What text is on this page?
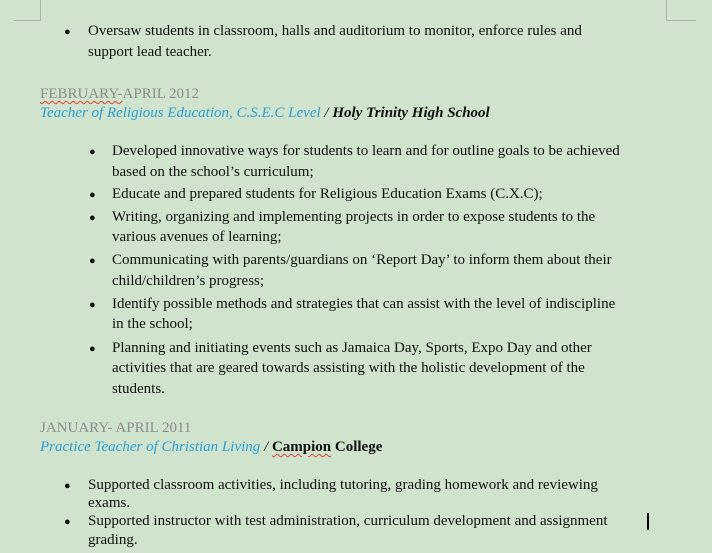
● Oversaw students in classroom, halls and auditorium to monitor, enforce rules and
support lead teacher.
FEBRUARY-APRIL 2012
Teacher of Religious Education, C.S.E.C Level / Holy Trinity High School
● Developed innovative ways for students to learn and for outline goals to be achieved
based on the school’s curriculum;
● Educate and prepared students for Religious Education Exams (C.X.C);
● Writing, organizing and implementing projects in order to expose students to the
various avenues of learning;
● Communicating with parents/guardians on ‘Report Day’ to inform them about their
child/children’s progress;
● Identify possible methods and strategies that can assist with the level of indiscipline
in the school;
● Planning and initiating events such as Jamaica Day, Sports, Expo Day and other
activities that are geared towards assisting with the holistic development of the
students.
JANUARY- APRIL 2011
Practice Teacher of Christian Living / Campion College
● Supported classroom activities, including tutoring, grading homework and reviewing
exams.
● Supported instructor with test administration, curriculum development and assignment
grading.
